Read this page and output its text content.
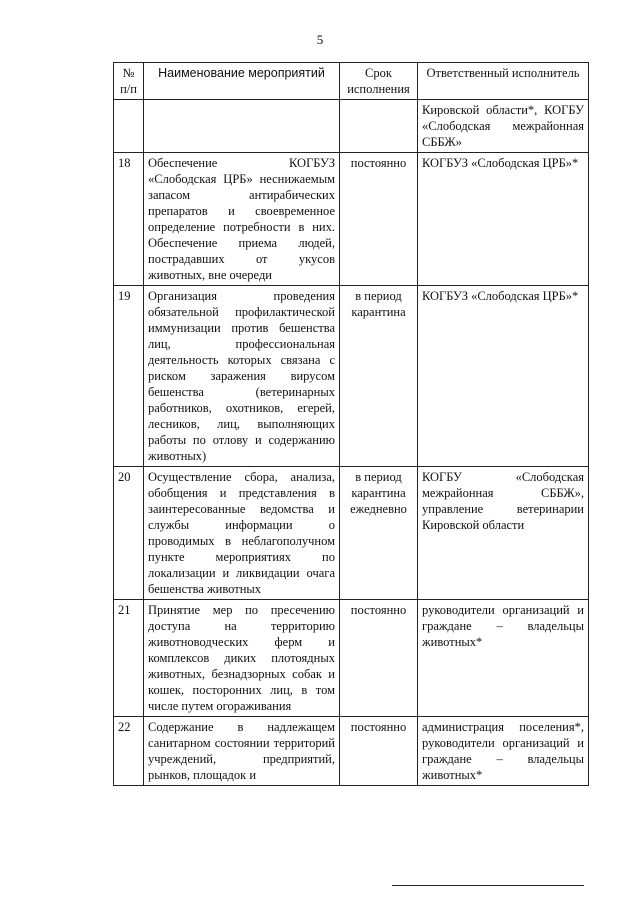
5
№ п/п	Наименование мероприятий	Срок исполнения	Ответственный исполнитель
			Кировской области*, КОГБУ «Слободская межрайонная СББЖ»
18	Обеспечение КОГБУЗ «Слободская ЦРБ» неснижаемым запасом антирабических препаратов и своевременное определение потребности в них. Обеспечение приема людей, пострадавших от укусов животных, вне очереди	постоянно	КОГБУЗ «Слободская ЦРБ»*
19	Организация проведения обязательной профилактической иммунизации против бешенства лиц, профессиональная деятельность которых связана с риском заражения вирусом бешенства (ветеринарных работников, охотников, егерей, лесников, лиц, выполняющих работы по отлову и содержанию животных)	в период карантина	КОГБУЗ «Слободская ЦРБ»*
20	Осуществление сбора, анализа, обобщения и представления в заинтересованные ведомства и службы информации о проводимых в неблагополучном пункте мероприятиях по локализации и ликвидации очага бешенства животных	в период карантина ежедневно	КОГБУ «Слободская межрайонная СББЖ», управление ветеринарии Кировской области
21	Принятие мер по пресечению доступа на территорию животноводческих ферм и комплексов диких плотоядных животных, безнадзорных собак и кошек, посторонних лиц, в том числе путем огораживания	постоянно	руководители организаций и граждане – владельцы животных*
22	Содержание в надлежащем санитарном состоянии территорий учреждений, предприятий, рынков, площадок и	постоянно	администрация поселения*, руководители организаций и граждане – владельцы животных*
